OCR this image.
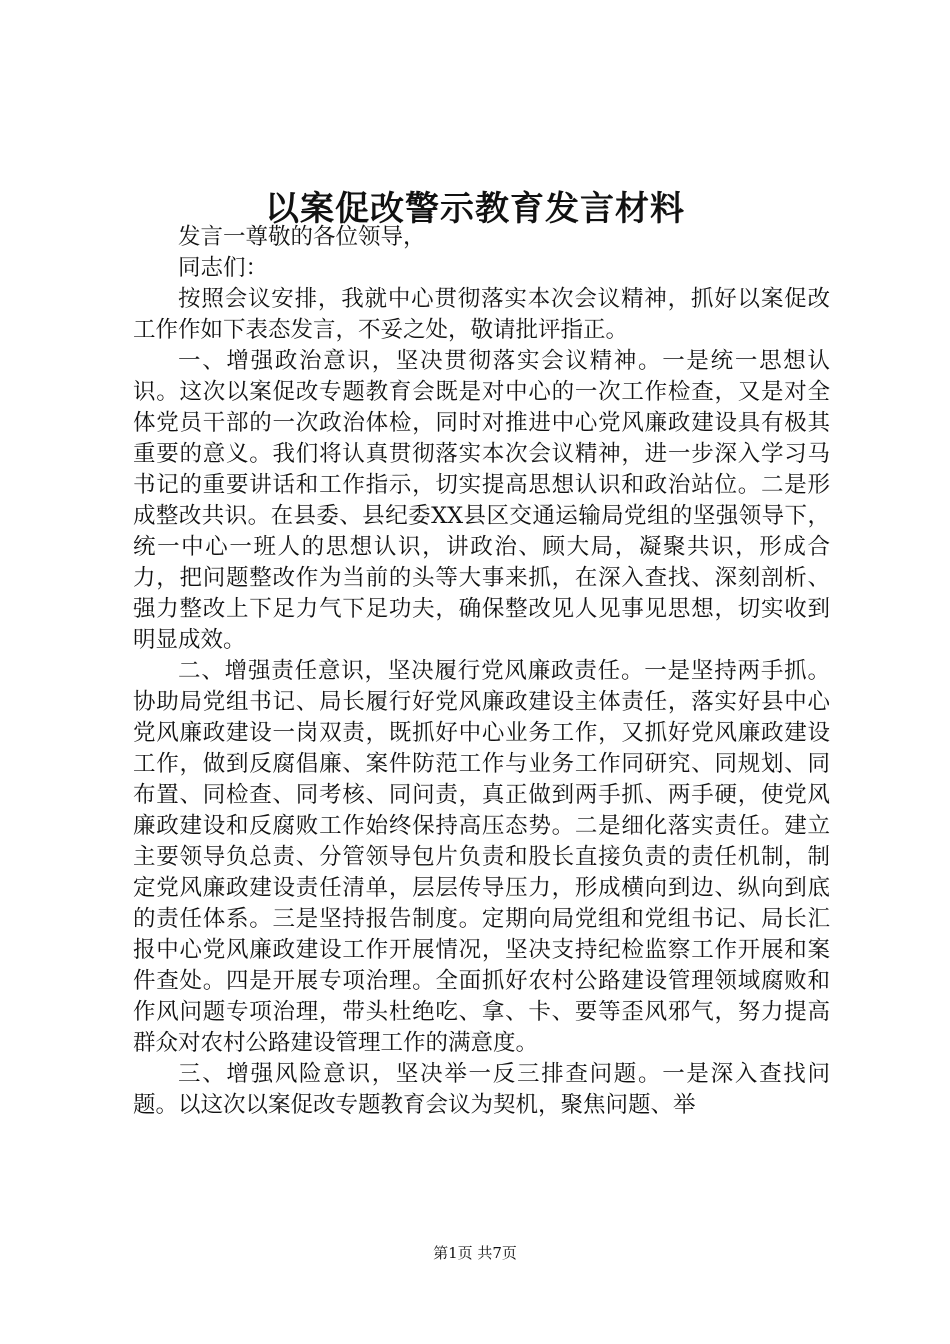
以案促改警示教育发言材料

发言一尊敬的各位领导，

同志们：

按照会议安排，我就中心贯彻落实本次会议精神，抓好以案促改工作作如下表态发言，不妥之处，敬请批评指正。

一、增强政治意识，坚决贯彻落实会议精神。一是统一思想认识。这次以案促改专题教育会既是对中心的一次工作检查，又是对全体党员干部的一次政治体检，同时对推进中心党风廉政建设具有极其重要的意义。我们将认真贯彻落实本次会议精神，进一步深入学习马书记的重要讲话和工作指示，切实提高思想认识和政治站位。二是形成整改共识。在县委、县纪委XX县区交通运输局党组的坚强领导下，统一中心一班人的思想认识，讲政治、顾大局，凝聚共识，形成合力，把问题整改作为当前的头等大事来抓，在深入查找、深刻剖析、强力整改上下足力气下足功夫，确保整改见人见事见思想，切实收到明显成效。

二、增强责任意识，坚决履行党风廉政责任。一是坚持两手抓。协助局党组书记、局长履行好党风廉政建设主体责任，落实好县中心党风廉政建设一岗双责，既抓好中心业务工作，又抓好党风廉政建设工作，做到反腐倡廉、案件防范工作与业务工作同研究、同规划、同布置、同检查、同考核、同问责，真正做到两手抓、两手硬，使党风廉政建设和反腐败工作始终保持高压态势。二是细化落实责任。建立主要领导负总责、分管领导包片负责和股长直接负责的责任机制，制定党风廉政建设责任清单，层层传导压力，形成横向到边、纵向到底的责任体系。三是坚持报告制度。定期向局党组和党组书记、局长汇报中心党风廉政建设工作开展情况，坚决支持纪检监察工作开展和案件查处。四是开展专项治理。全面抓好农村公路建设管理领域腐败和作风问题专项治理，带头杜绝吃、拿、卡、要等歪风邪气，努力提高群众对农村公路建设管理工作的满意度。

三、增强风险意识，坚决举一反三排查问题。一是深入查找问题。以这次以案促改专题教育会议为契机，聚焦问题、举

第1页 共7页
